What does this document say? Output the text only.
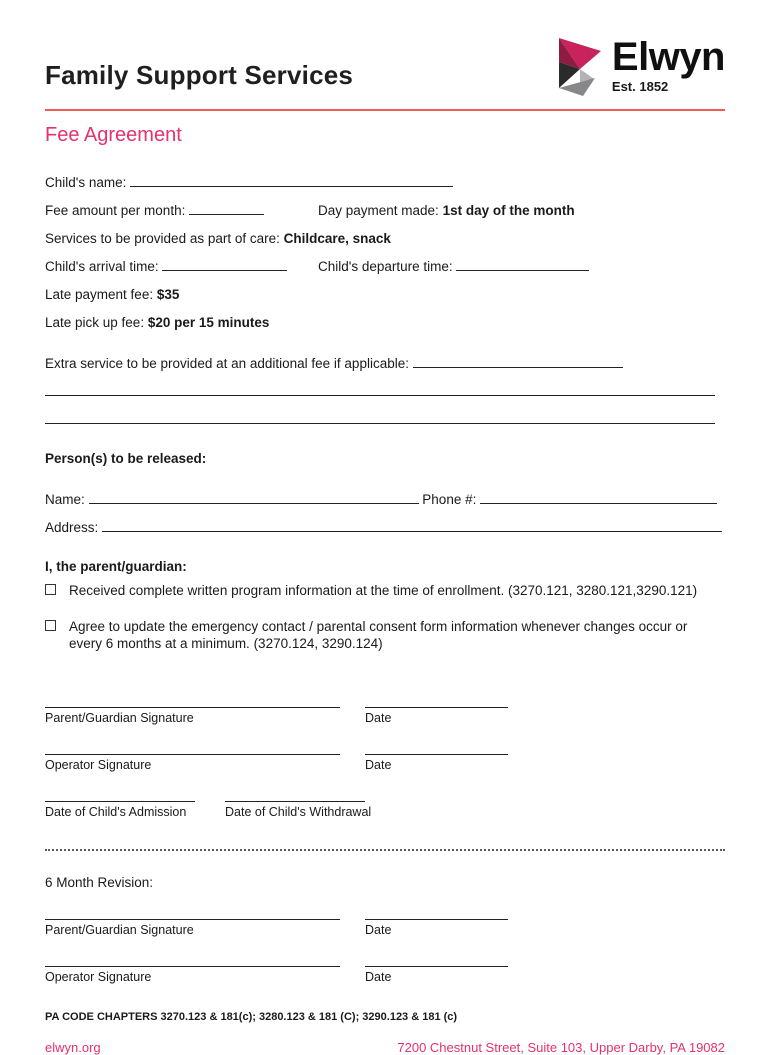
Family Support Services	Elwyn
Est. 1852
Fee Agreement
Child's name:
Fee amount per month:	Day payment made: 1st day of the month
Services to be provided as part of care: Childcare, snack
Child's arrival time:	Child's departure time:
Late payment fee: $35
Late pick up fee: $20 per 15 minutes
Extra service to be provided at an additional fee if applicable:
Person(s) to be released:
Name:	Phone #:
Address:
I, the parent/guardian:
Received complete written program information at the time of enrollment. (3270.121, 3280.121,3290.121)
Agree to update the emergency contact / parental consent form information whenever changes occur or every 6 months at a minimum. (3270.124, 3290.124)
Parent/Guardian Signature	Date
Operator Signature	Date
Date of Child's Admission	Date of Child's Withdrawal
6 Month Revision:
Parent/Guardian Signature	Date
Operator Signature	Date
PA CODE CHAPTERS 3270.123 & 181(c); 3280.123 & 181 (C); 3290.123 & 181 (c)
elwyn.org	7200 Chestnut Street, Suite 103, Upper Darby, PA 19082
